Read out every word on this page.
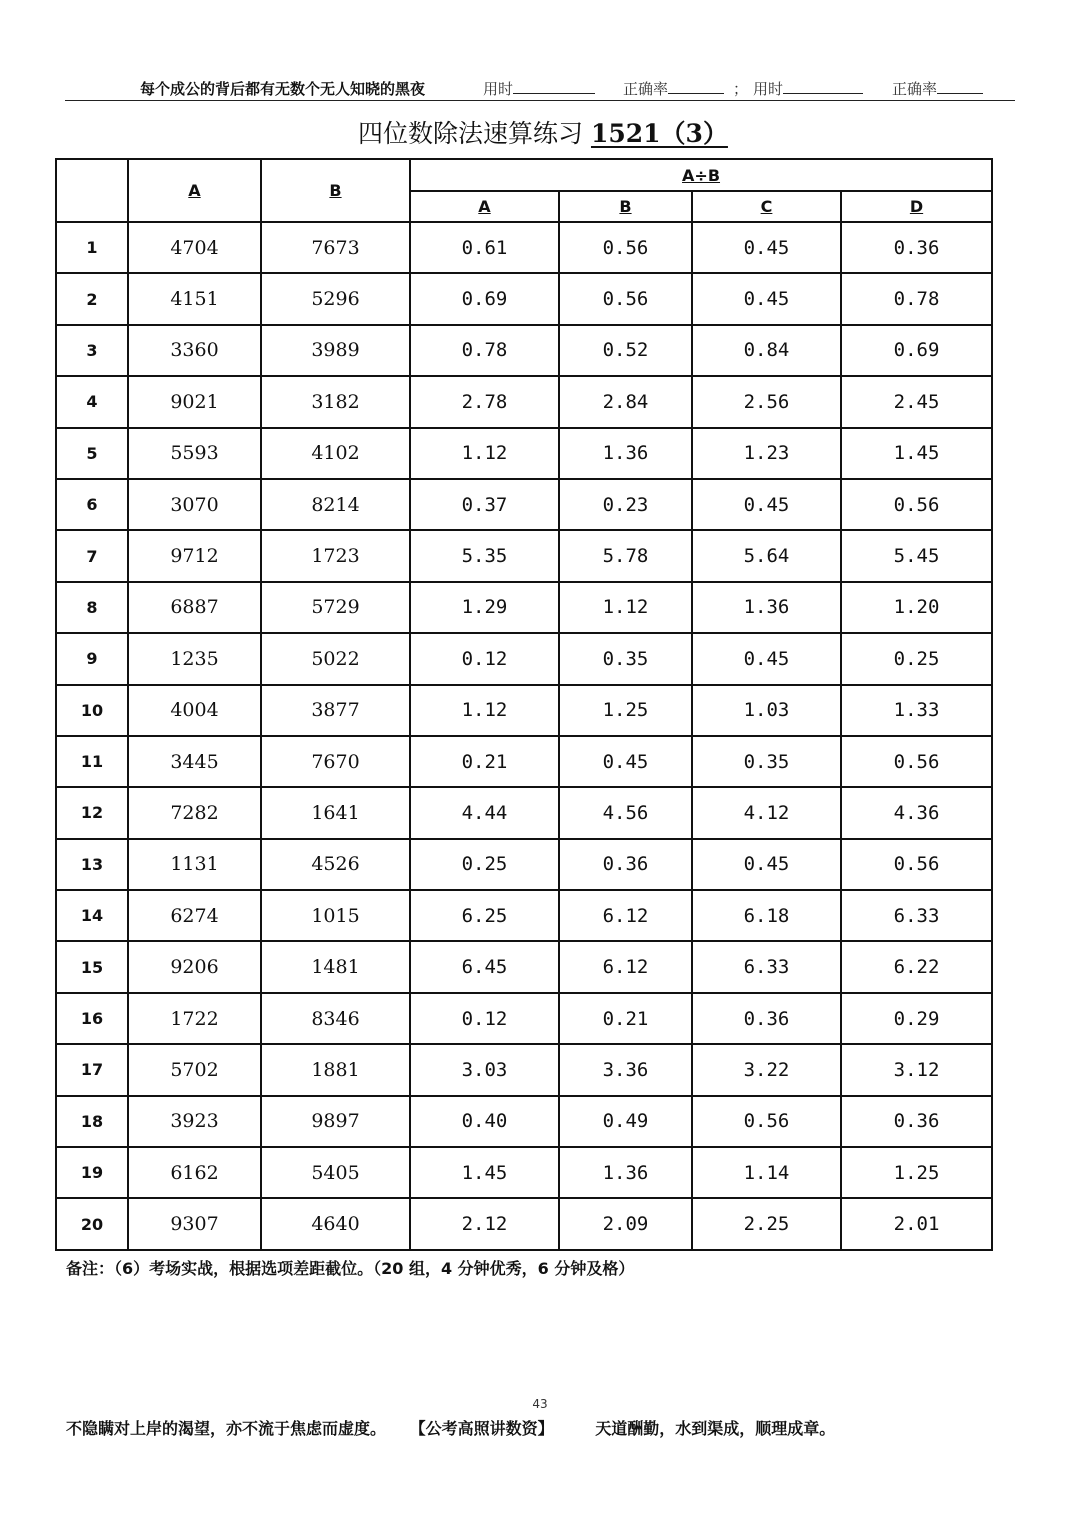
每个成公的背后都有无数个无人知晓的黑夜	用时	正确率	； 用时	正确率
四位数除法速算练习 1521（3）
	A	B	A÷B			
			A	B	C	D
1	4704	7673	0.61	0.56	0.45	0.36
2	4151	5296	0.69	0.56	0.45	0.78
3	3360	3989	0.78	0.52	0.84	0.69
4	9021	3182	2.78	2.84	2.56	2.45
5	5593	4102	1.12	1.36	1.23	1.45
6	3070	8214	0.37	0.23	0.45	0.56
7	9712	1723	5.35	5.78	5.64	5.45
8	6887	5729	1.29	1.12	1.36	1.20
9	1235	5022	0.12	0.35	0.45	0.25
10	4004	3877	1.12	1.25	1.03	1.33
11	3445	7670	0.21	0.45	0.35	0.56
12	7282	1641	4.44	4.56	4.12	4.36
13	1131	4526	0.25	0.36	0.45	0.56
14	6274	1015	6.25	6.12	6.18	6.33
15	9206	1481	6.45	6.12	6.33	6.22
16	1722	8346	0.12	0.21	0.36	0.29
17	5702	1881	3.03	3.36	3.22	3.12
18	3923	9897	0.40	0.49	0.56	0.36
19	6162	5405	1.45	1.36	1.14	1.25
20	9307	4640	2.12	2.09	2.25	2.01
备注：（6）考场实战，根据选项差距截位。（20 组，4 分钟优秀，6 分钟及格）
43
不隐瞒对上岸的渴望，亦不流于焦虑而虚度。 【公考高照讲数资】	天道酬勤，水到渠成，顺理成章。
